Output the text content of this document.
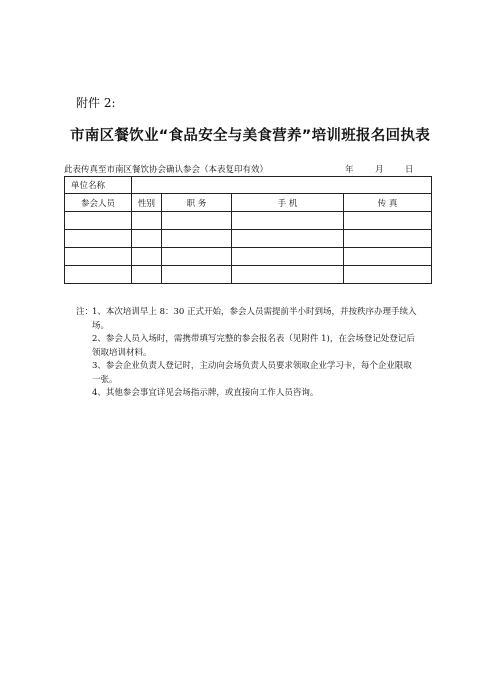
附件 2:
市南区餐饮业“食品安全与美食营养”培训班报名回执表
此表传真至市南区餐饮协会确认参会（本表复印有效）	年	月	日
单位名称				
参会人员	性别	职 务	手 机	传 真

注：
1、本次培训早上 8：30 正式开始，参会人员需提前半小时到场，并按秩序办理手续入
场。
2、参会人员入场时，需携带填写完整的参会报名表（见附件 1)，在会场登记处登记后
领取培训材料。
3、参会企业负责人登记时，主动向会场负责人员要求领取企业学习卡，每个企业限取
一张。
4、其他参会事宜详见会场指示牌，或直接向工作人员咨询。
